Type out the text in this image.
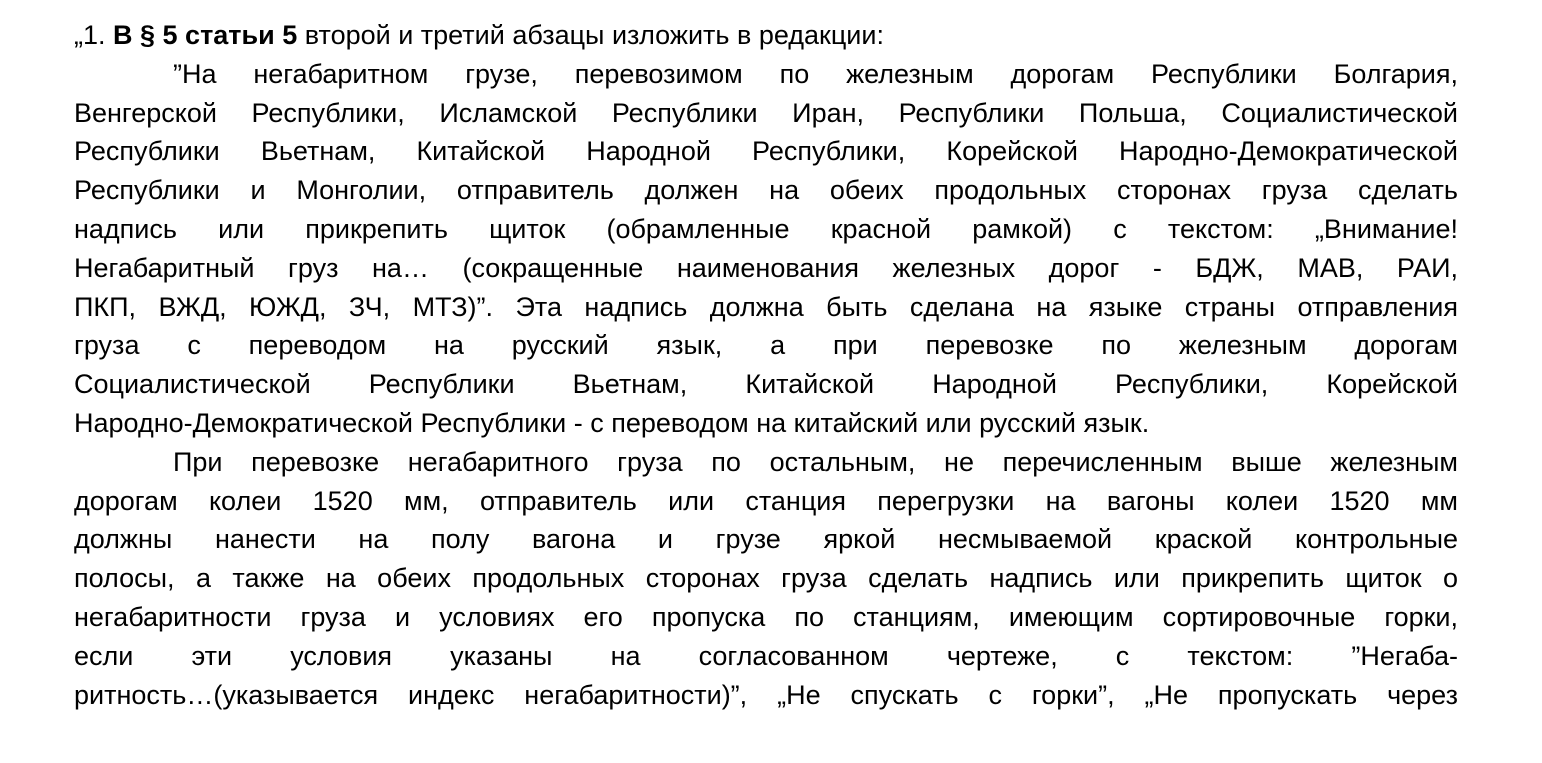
„1. В § 5 статьи 5 второй и третий абзацы изложить в редакции:
”На негабаритном грузе, перевозимом по железным дорогам Республики Болгария,
Венгерской Республики, Исламской Республики Иран, Республики Польша, Социалистической
Республики Вьетнам, Китайской Народной Республики, Корейской Народно-Демократической
Республики и Монголии, отправитель должен на обеих продольных сторонах груза сделать
надпись или прикрепить щиток (обрамленные красной рамкой) с текстом: „Внимание!
Негабаритный груз на… (сокращенные наименования железных дорог - БДЖ, МАВ, РАИ,
ПКП, ВЖД, ЮЖД, ЗЧ, МТЗ)”. Эта надпись должна быть сделана на языке страны отправления
груза с переводом на русский язык, а при перевозке по железным дорогам
Социалистической Республики Вьетнам, Китайской Народной Республики, Корейской
Народно-Демократической Республики - с переводом на китайский или русский язык.
При перевозке негабаритного груза по остальным, не перечисленным выше железным
дорогам колеи 1520 мм, отправитель или станция перегрузки на вагоны колеи 1520 мм
должны нанести на полу вагона и грузе яркой несмываемой краской контрольные
полосы, а также на обеих продольных сторонах груза сделать надпись или прикрепить щиток о
негабаритности груза и условиях его пропуска по станциям, имеющим сортировочные горки,
если эти условия указаны на согласованном чертеже, с текстом: ”Негаба-
ритность…(указывается индекс негабаритности)”, „Не спускать с горки”, „Не пропускать через
